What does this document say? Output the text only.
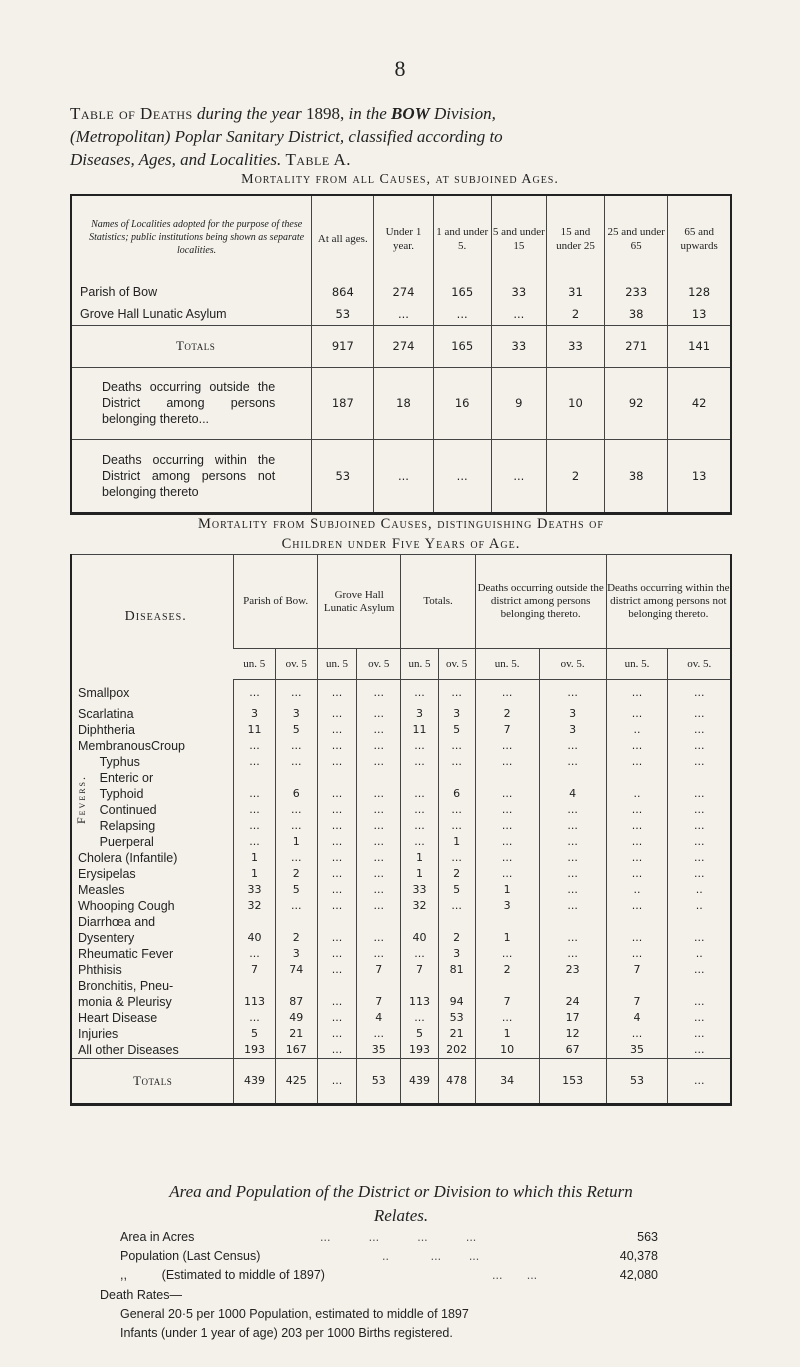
8
Table of Deaths during the year 1898, in the BOW Division,
(Metropolitan) Poplar Sanitary District, classified according to
Diseases, Ages, and Localities. Table A.
Mortality from all Causes, at subjoined Ages.
Names of Localities adopted for the purpose of these Statistics; public institutions being shown as separate localities.	At all ages.	Under 1 year.	1 and under 5.	5 and under 15	15 and under 25	25 and under 65	65 and upwards
Parish of Bow	864	274	165	33	31	233	128
Grove Hall Lunatic Asylum	53	...	...	...	2	38	13
Totals	917	274	165	33	33	271	141
Deaths occurring outside the District among persons belonging thereto...	187	18	16	9	10	92	42
Deaths occurring within the District among persons not belonging thereto	53	...	...	...	2	38	13
Mortality from Subjoined Causes, distinguishing Deaths of
Children under Five Years of Age.
Diseases.		Parish of Bow.		Grove Hall Lunatic Asylum		Totals.		Deaths occurring outside the district among persons belonging thereto.		Deaths occurring within the district among persons not belonging thereto.	
		un. 5	ov. 5	un. 5	ov. 5	un. 5	ov. 5	un. 5.	ov. 5.	un. 5.	ov. 5.
Smallpox		...	...	...	...	...	...	...	...	...	...
Scarlatina		3	3	...	...	3	3	2	3	...	...
Diphtheria		11	5	...	...	11	5	7	3	..	...
MembranousCroup		...	...	...	...	...	...	...	...	...	...
Fevers.	Typhus	...	...	...	...	...	...	...	...	...	...
	Enteric or										
	Typhoid	...	6	...	...	...	6	...	4	..	...
	Continued	...	...	...	...	...	...	...	...	...	...
	Relapsing	...	...	...	...	...	...	...	...	...	...
	Puerperal	...	1	...	...	...	1	...	...	...	...
Cholera (Infantile)		1	...	...	...	1	...	...	...	...	...
Erysipelas		1	2	...	...	1	2	...	...	...	...
Measles		33	5	...	...	33	5	1	...	..	..
Whooping Cough		32	...	...	...	32	...	3	...	...	..
Diarrhœa and											
Dysentery		40	2	...	...	40	2	1	...	...	...
Rheumatic Fever		...	3	...	...	...	3	...	...	...	..
Phthisis		7	74	...	7	7	81	2	23	7	...
Bronchitis, Pneu-											
monia & Pleurisy		113	87	...	7	113	94	7	24	7	...
Heart Disease		...	49	...	4	...	53	...	17	4	...
Injuries		5	21	...	...	5	21	1	12	...	...
All other Diseases		193	167	...	35	193	202	10	67	35	...
Totals		439	425	...	53	439	478	34	153	53	...
Area and Population of the District or Division to which this Return
Relates.
Area in Acres	...           ...           ...           ...	563
Population (Last Census)	..            ...        ...	40,378
,,          (Estimated to middle of 1897)	...       ...	42,080
Death Rates—
General 20·5 per 1000 Population, estimated to middle of 1897
Infants (under 1 year of age) 203 per 1000 Births registered.
